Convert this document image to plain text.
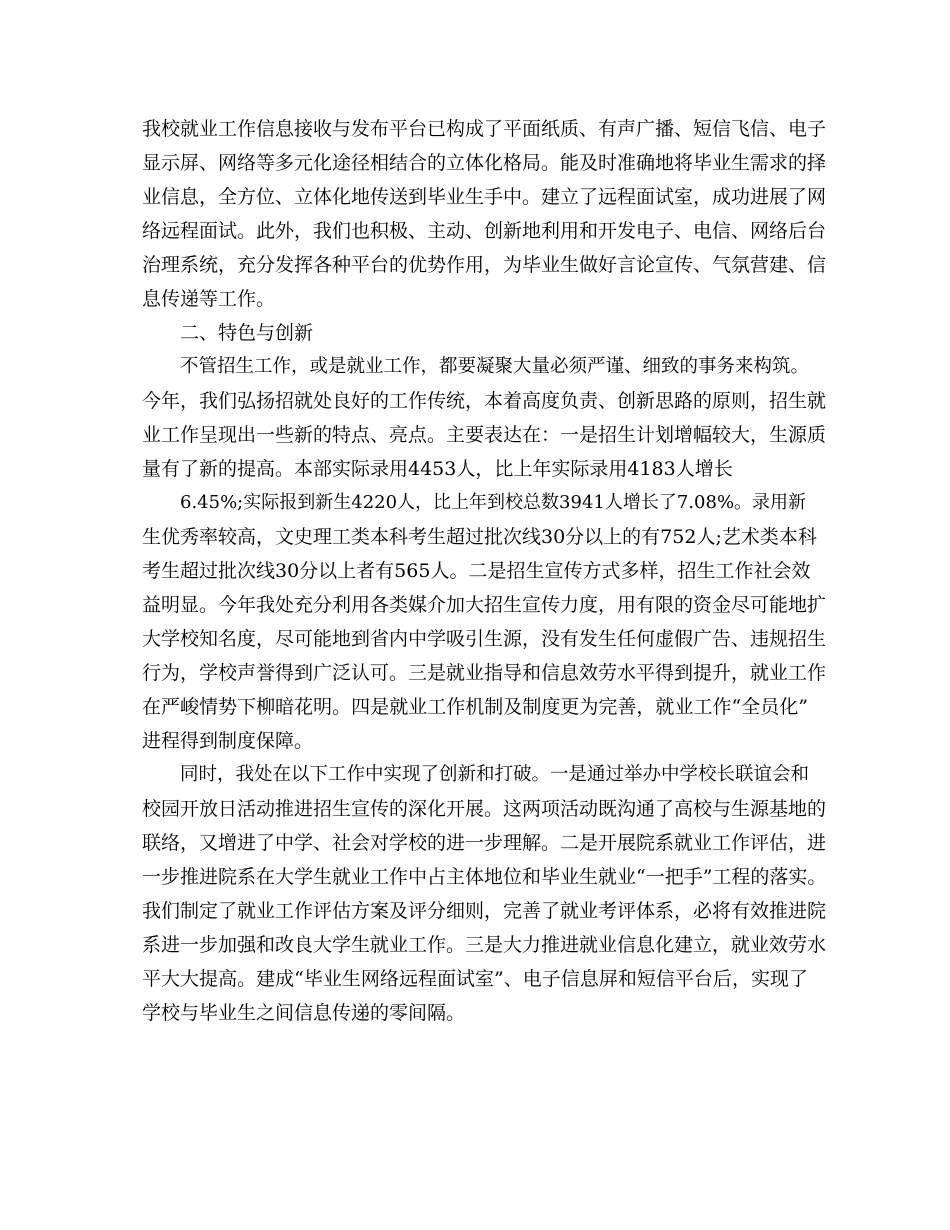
我校就业工作信息接收与发布平台已构成了平面纸质、有声广播、短信飞信、电子

显示屏、网络等多元化途径相结合的立体化格局。能及时准确地将毕业生需求的择

业信息，全方位、立体化地传送到毕业生手中。建立了远程面试室，成功进展了网

络远程面试。此外，我们也积极、主动、创新地利用和开发电子、电信、网络后台

治理系统，充分发挥各种平台的优势作用，为毕业生做好言论宣传、气氛营建、信

息传递等工作。

二、特色与创新

不管招生工作，或是就业工作，都要凝聚大量必须严谨、细致的事务来构筑。

今年，我们弘扬招就处良好的工作传统，本着高度负责、创新思路的原则，招生就

业工作呈现出一些新的特点、亮点。主要表达在：一是招生计划增幅较大，生源质

量有了新的提高。本部实际录用4453人，比上年实际录用4183人增长

6.45%;实际报到新生4220人，比上年到校总数3941人增长了7.08%。录用新

生优秀率较高，文史理工类本科考生超过批次线30分以上的有752人;艺术类本科

考生超过批次线30分以上者有565人。二是招生宣传方式多样，招生工作社会效

益明显。今年我处充分利用各类媒介加大招生宣传力度，用有限的资金尽可能地扩

大学校知名度，尽可能地到省内中学吸引生源，没有发生任何虚假广告、违规招生

行为，学校声誉得到广泛认可。三是就业指导和信息效劳水平得到提升，就业工作

在严峻情势下柳暗花明。四是就业工作机制及制度更为完善，就业工作“全员化”

进程得到制度保障。

同时，我处在以下工作中实现了创新和打破。一是通过举办中学校长联谊会和

校园开放日活动推进招生宣传的深化开展。这两项活动既沟通了高校与生源基地的

联络，又增进了中学、社会对学校的进一步理解。二是开展院系就业工作评估，进

一步推进院系在大学生就业工作中占主体地位和毕业生就业“一把手”工程的落实。

我们制定了就业工作评估方案及评分细则，完善了就业考评体系，必将有效推进院

系进一步加强和改良大学生就业工作。三是大力推进就业信息化建立，就业效劳水

平大大提高。建成“毕业生网络远程面试室”、电子信息屏和短信平台后，实现了

学校与毕业生之间信息传递的零间隔。
